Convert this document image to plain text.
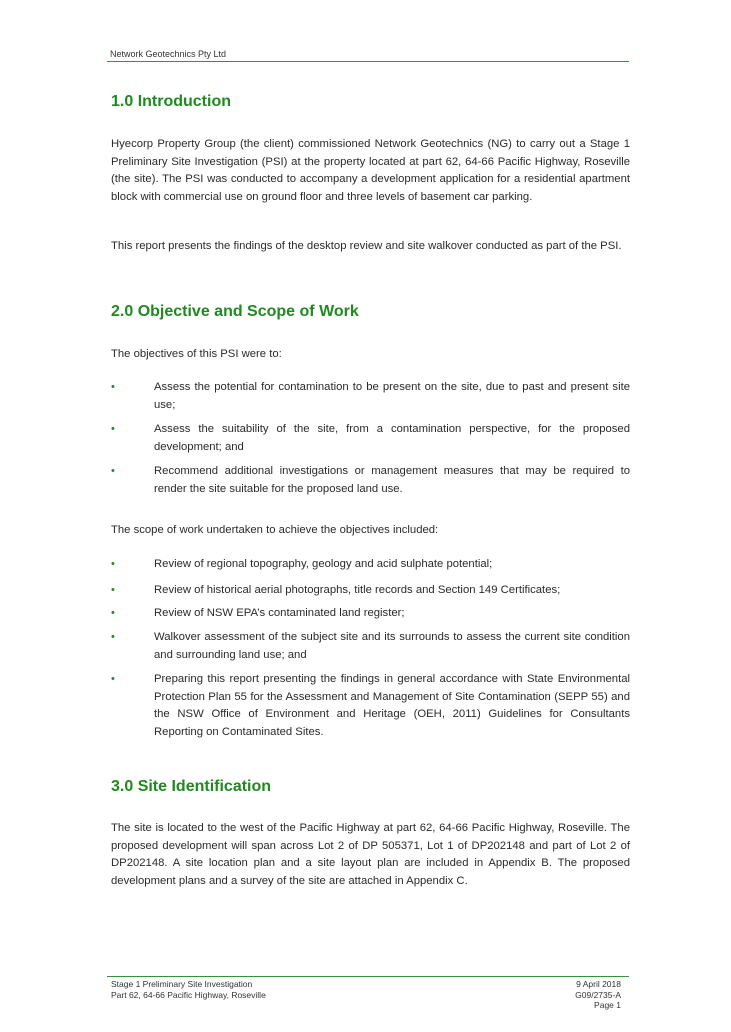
Network Geotechnics Pty Ltd
1.0 Introduction

Hyecorp Property Group (the client) commissioned Network Geotechnics (NG) to carry out a Stage 1 Preliminary Site Investigation (PSI) at the property located at part 62, 64-66 Pacific Highway, Roseville (the site). The PSI was conducted to accompany a development application for a residential apartment block with commercial use on ground floor and three levels of basement car parking.

This report presents the findings of the desktop review and site walkover conducted as part of the PSI.

2.0 Objective and Scope of Work

The objectives of this PSI were to:

•	Assess the potential for contamination to be present on the site, due to past and present site use;
•	Assess the suitability of the site, from a contamination perspective, for the proposed development; and
•	Recommend additional investigations or management measures that may be required to render the site suitable for the proposed land use.

The scope of work undertaken to achieve the objectives included:

•	Review of regional topography, geology and acid sulphate potential;
•	Review of historical aerial photographs, title records and Section 149 Certificates;
•	Review of NSW EPA’s contaminated land register;
•	Walkover assessment of the subject site and its surrounds to assess the current site condition and surrounding land use; and
•	Preparing this report presenting the findings in general accordance with State Environmental Protection Plan 55 for the Assessment and Management of Site Contamination (SEPP 55) and the NSW Office of Environment and Heritage (OEH, 2011) Guidelines for Consultants Reporting on Contaminated Sites.
3.0 Site Identification

The site is located to the west of the Pacific Highway at part 62, 64-66 Pacific Highway, Roseville. The proposed development will span across Lot 2 of DP 505371, Lot 1 of DP202148 and part of Lot 2 of DP202148. A site location plan and a site layout plan are included in Appendix B. The proposed development plans and a survey of the site are attached in Appendix C.

Stage 1 Preliminary Site Investigation
Part 62, 64-66 Pacific Highway, Roseville
9 April 2018
G09/2735-A
Page 1
